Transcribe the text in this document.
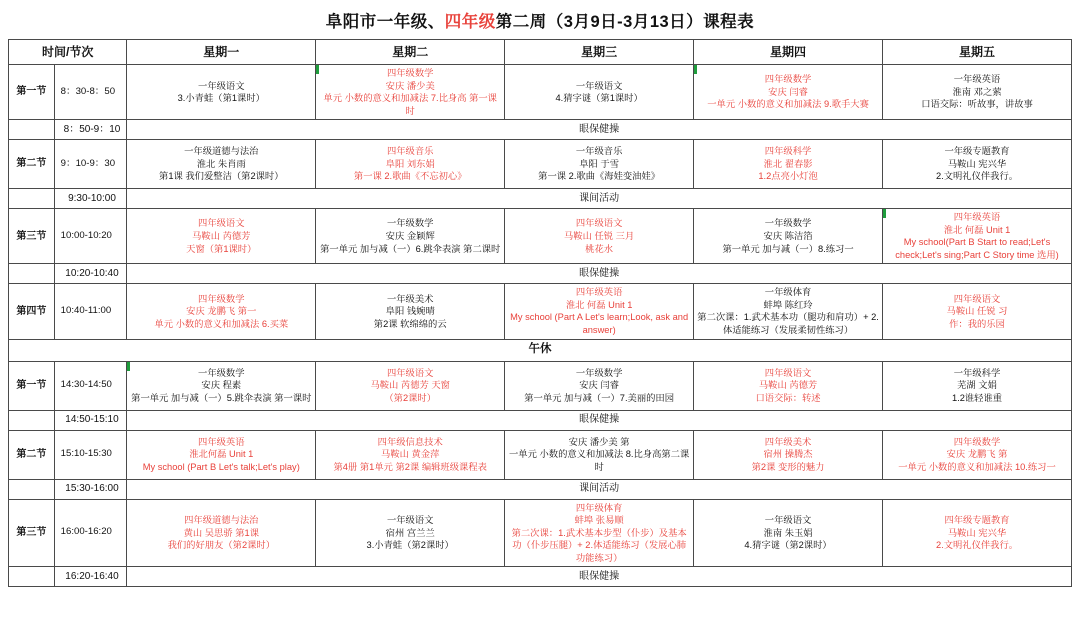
阜阳市一年级、四年级第二周（3月9日-3月13日）课程表
时间/节次		星期一	星期二	星期三	星期四	星期五
第一节	8：30-8：50	一年级语文
3.小青蛙（第1课时）	四年级数学
安庆 潘少美
单元 小数的意义和加减法 7.比身高 第一课时	一年级语文
4.猜字谜（第1课时）	四年级数学
安庆 闫睿
一单元 小数的意义和加减法 9.歌手大赛	一年级英语
淮南 邓之萦
口语交际：听故事，讲故事

	8：50-9：10	眼保健操				
第二节	9：10-9：30	一年级道德与法治
淮北 朱肖雨
第1课 我们爱整洁（第2课时）	四年级音乐
阜阳 刘东娟
第一课 2.歌曲《不忘初心》	一年级音乐
阜阳 于雪
第一课 2.歌曲《海娃变油娃》	四年级科学
淮北 翟春影
1.2点亮小灯泡	一年级专题教育
马鞍山 宪兴华
2.文明礼仪伴我行。

	9:30-10:00	课间活动				
第三节	10:00-10:20	四年级语文
马鞍山 芮德芳
天窗（第1课时）	一年级数学
安庆 金颖辉
第一单元 加与减（一）6.跳伞表演 第二课时	四年级语文
马鞍山 任锐 三月
桃花水	一年级数学
安庆 陈洁箔
第一单元 加与减（一）8.练习一	四年级英语
淮北 何磊 Unit 1
My school(Part B Start to read;Let's check;Let's sing;Part C Story time 选用)

	10:20-10:40	眼保健操				
第四节	10:40-11:00	四年级数学
安庆 龙鹏飞 第一
单元 小数的意义和加减法 6.买菜	一年级美术
阜阳 钱婉晴
第2课 软绵绵的云	四年级英语
淮北 何磊 Unit 1
My school (Part A Let's learn;Look, ask and answer)	一年级体育
蚌埠 陈红玲
第二次课：1.武术基本功（腿功和肩功）+ 2.体适能练习（发展柔韧性练习）	四年级语文
马鞍山 任锐 习
作：我的乐园

午休						
第一节	14:30-14:50	一年级数学
安庆 程素
第一单元 加与减（一）5.跳伞表演 第一课时	四年级语文
马鞍山 芮德芳 天窗
（第2课时）	一年级数学
安庆 闫睿
第一单元 加与减（一）7.美丽的田园	四年级语文
马鞍山 芮德芳
口语交际：转述	一年级科学
芜湖 文娟
1.2谁轻谁重

	14:50-15:10	眼保健操				
第二节	15:10-15:30	四年级英语
淮北何磊 Unit 1
My school (Part B Let's talk;Let's play)	四年级信息技术
马鞍山 黄金萍
第4册 第1单元 第2课 编辑班级课程表	安庆 潘少美 第
一单元 小数的意义和加减法 8.比身高第二课时	四年级美术
宿州 操腾杰
第2课 变形的魅力	四年级数学
安庆 龙鹏飞 第
一单元 小数的意义和加减法 10.练习一

	15:30-16:00	课间活动				
第三节	16:00-16:20	四年级道德与法治
黄山 吴思骄 第1课
我们的好朋友（第2课时）	一年级语文
宿州 宫兰兰
3.小青蛙（第2课时）	四年级体育
蚌埠 张易顺
第二次课：1.武术基本步型（仆步）及基本功（仆步压腿）+ 2.体适能练习（发展心肺功能练习）	一年级语文
淮南 朱玉娟
4.猜字谜（第2课时）	四年级专题教育
马鞍山 宪兴华
2.文明礼仪伴我行。

	16:20-16:40	眼保健操				
